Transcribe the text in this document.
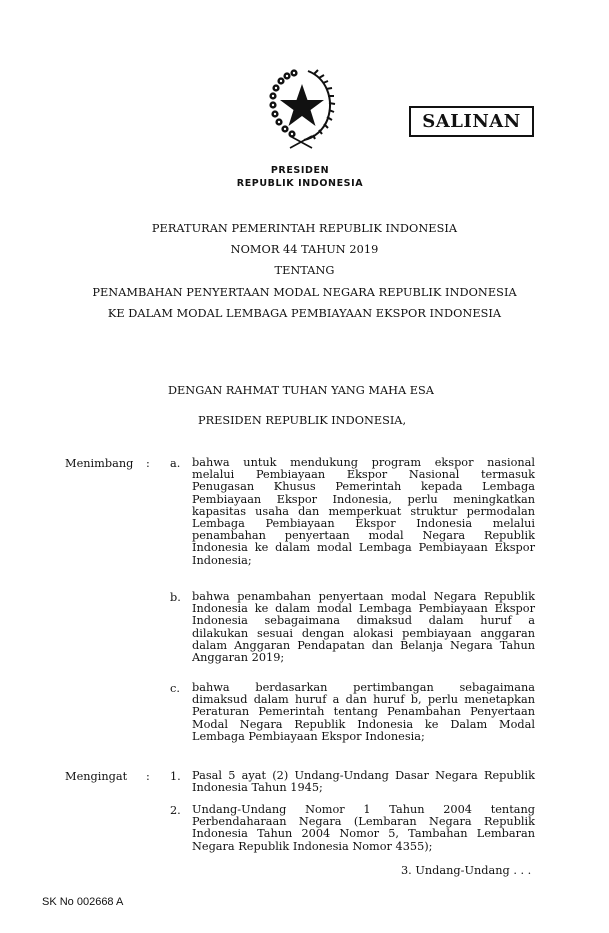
SALINAN
PRESIDEN
REPUBLIK INDONESIA
PERATURAN PEMERINTAH REPUBLIK INDONESIA
NOMOR 44 TAHUN 2019
TENTANG
PENAMBAHAN PENYERTAAN MODAL NEGARA REPUBLIK INDONESIA
KE DALAM MODAL LEMBAGA PEMBIAYAAN EKSPOR INDONESIA
DENGAN RAHMAT TUHAN YANG MAHA ESA
PRESIDEN REPUBLIK INDONESIA,
Menimbang : a. bahwa untuk mendukung program ekspor nasional
melalui Pembiayaan Ekspor Nasional termasuk
Penugasan Khusus Pemerintah kepada Lembaga
Pembiayaan Ekspor Indonesia, perlu meningkatkan
kapasitas usaha dan memperkuat struktur permodalan
Lembaga Pembiayaan Ekspor Indonesia melalui
penambahan penyertaan modal Negara Republik
Indonesia ke dalam modal Lembaga Pembiayaan Ekspor
Indonesia;
b. bahwa penambahan penyertaan modal Negara Republik
Indonesia ke dalam modal Lembaga Pembiayaan Ekspor
Indonesia sebagaimana dimaksud dalam huruf a
dilakukan sesuai dengan alokasi pembiayaan anggaran
dalam Anggaran Pendapatan dan Belanja Negara Tahun
Anggaran 2019;
c. bahwa berdasarkan pertimbangan sebagaimana
dimaksud dalam huruf a dan huruf b, perlu menetapkan
Peraturan Pemerintah tentang Penambahan Penyertaan
Modal Negara Republik Indonesia ke Dalam Modal
Lembaga Pembiayaan Ekspor Indonesia;
Mengingat : 1. Pasal 5 ayat (2) Undang-Undang Dasar Negara Republik
Indonesia Tahun 1945;
2. Undang-Undang Nomor 1 Tahun 2004 tentang
Perbendaharaan Negara (Lembaran Negara Republik
Indonesia Tahun 2004 Nomor 5, Tambahan Lembaran
Negara Republik Indonesia Nomor 4355);
3. Undang-Undang . . .
SK No 002668 A
